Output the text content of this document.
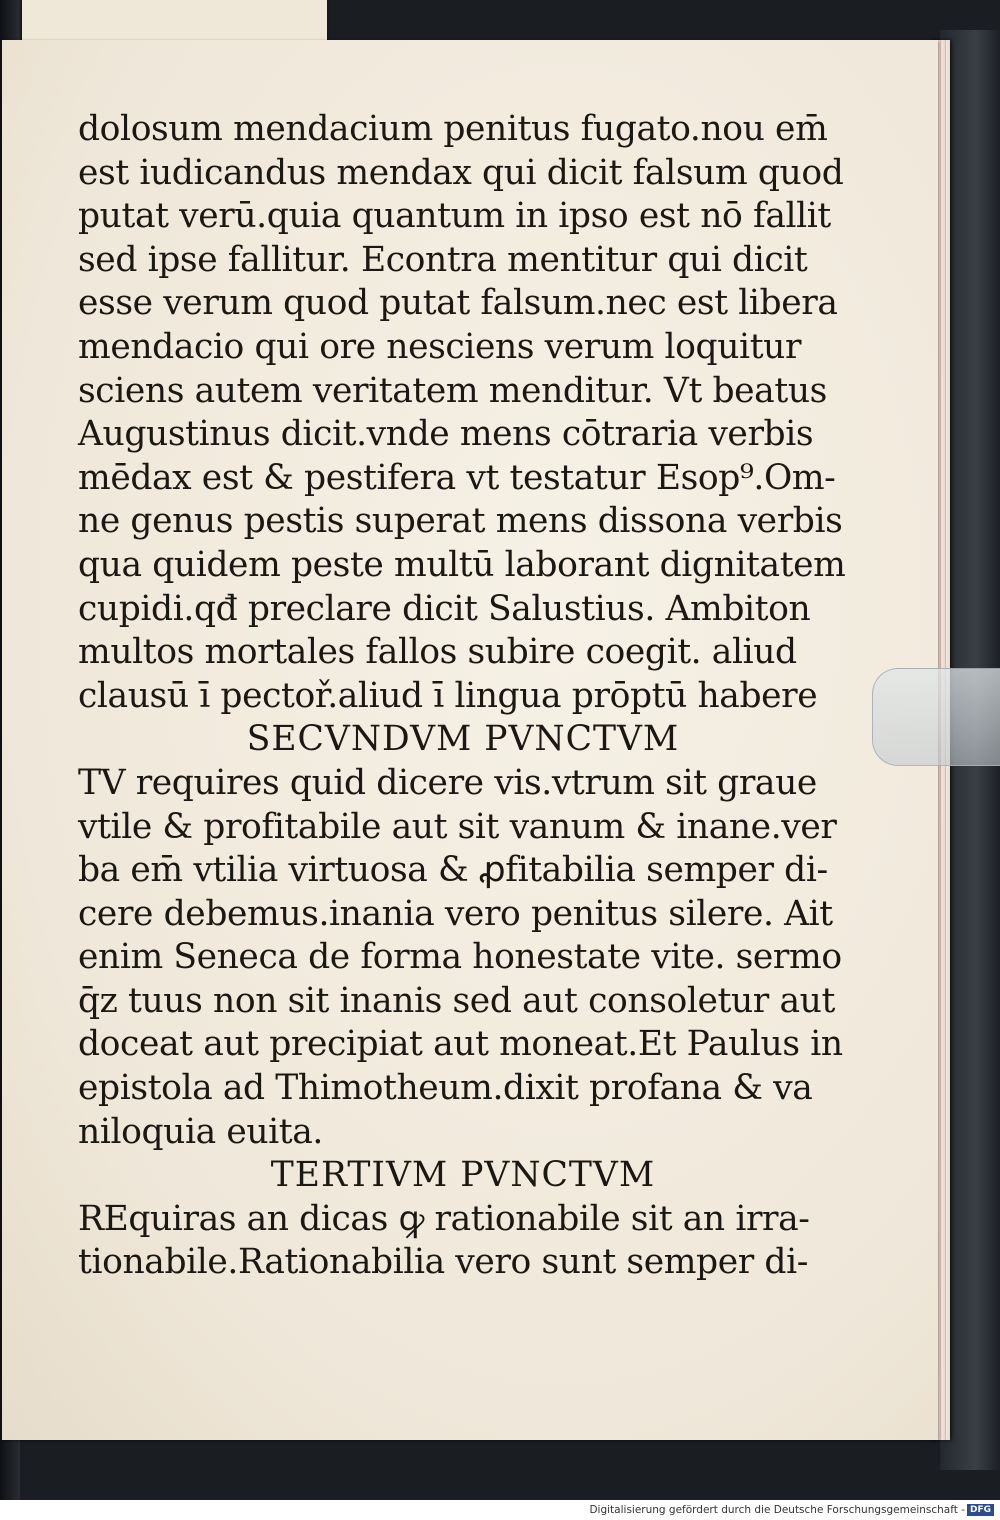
dolosum mendacium penitus fugato.nou em̄
est iudicandus mendax qui dicit falsum quod
putat verū.quia quantum in ipso est nō fallit
sed ipse fallitur. Econtra mentitur qui dicit
esse verum quod putat falsum.nec est libera
mendacio qui ore nesciens verum loquitur
sciens autem veritatem menditur. Vt beatus
Augustinus dicit.vnde mens cōtraria verbis
mēdax est & pestifera vt testatur Esop⁹.Om-
ne genus pestis superat mens dissona verbis
qua quidem peste multū laborant dignitatem
cupidi.qđ preclare dicit Salustius. Ambiton
multos mortales fallos subire coegit. aliud
clausū ī pectoř.aliud ī lingua prōptū habere
SECVNDVM PVNCTVM
TV requires quid dicere vis.vtrum sit graue
vtile & profitabile aut sit vanum & inane.ver
ba em̄ vtilia virtuosa & ꝓfitabilia semper di-
cere debemus.inania vero penitus silere. Ait
enim Seneca de forma honestate vite. sermo
q̄z tuus non sit inanis sed aut consoletur aut
doceat aut precipiat aut moneat.Et Paulus in
epistola ad Thimotheum.dixit profana & va
niloquia euita.
TERTIVM PVNCTVM
REquiras an dicas ꝙ rationabile sit an irra-
tionabile.Rationabilia vero sunt semper di-
Digitalisierung gefördert durch die Deutsche Forschungsgemeinschaft - DFG
